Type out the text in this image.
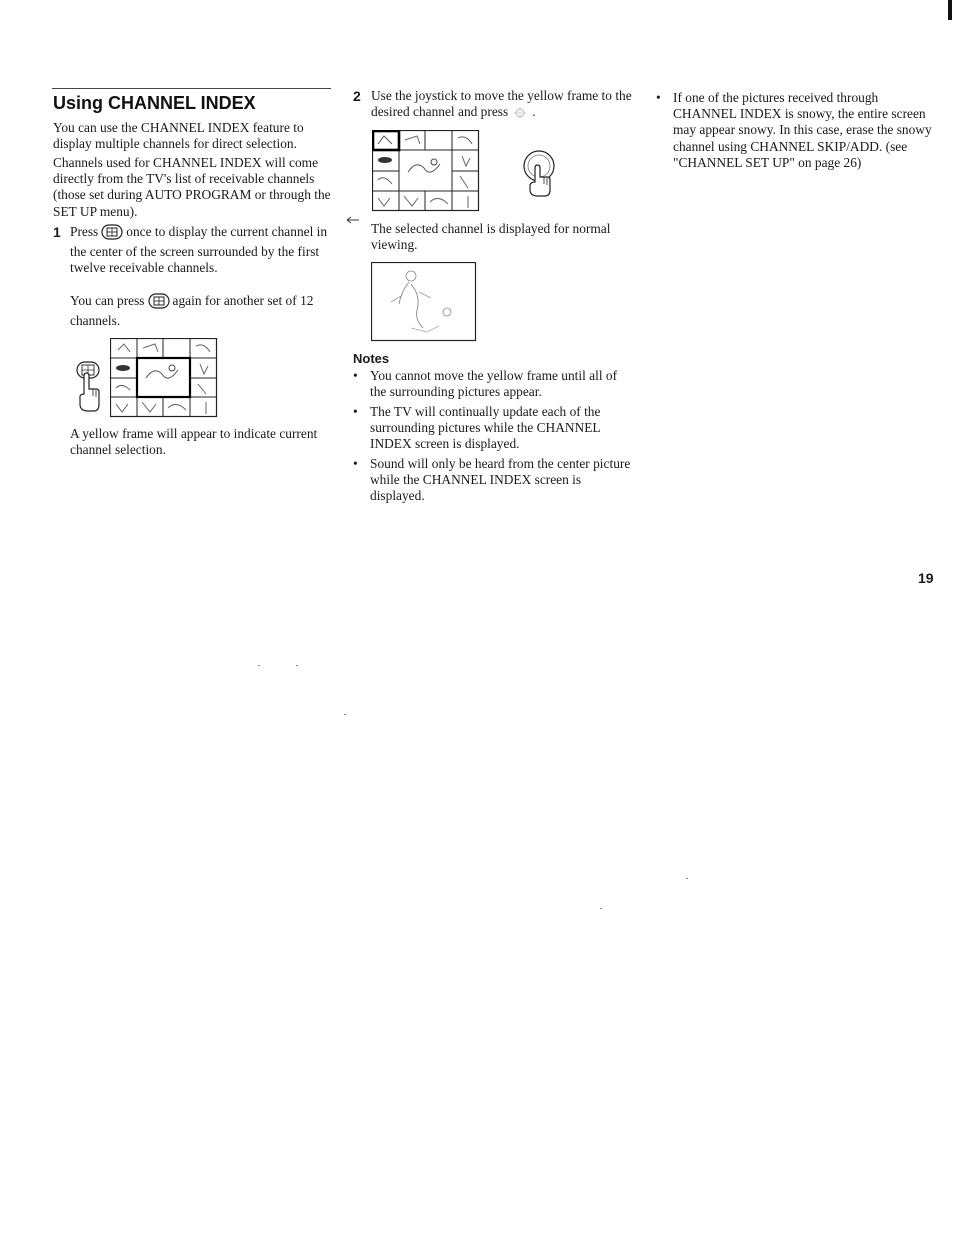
Using CHANNEL INDEX

You can use the CHANNEL INDEX feature to display multiple channels for direct selection.

Channels used for CHANNEL INDEX will come directly from the TV's list of receivable channels (those set during AUTO PROGRAM or through the SET UP menu).

1 Press once to display the current channel in the center of the screen surrounded by the first twelve receivable channels.

You can press again for another set of 12 channels.

A yellow frame will appear to indicate current channel selection.

2 Use the joystick to move the yellow frame to the desired channel and press .

The selected channel is displayed for normal viewing.

Notes
• You cannot move the yellow frame until all of the surrounding pictures appear.
• The TV will continually update each of the surrounding pictures while the CHANNEL INDEX screen is displayed.
• Sound will only be heard from the center picture while the CHANNEL INDEX screen is displayed.
• If one of the pictures received through CHANNEL INDEX is snowy, the entire screen may appear snowy. In this case, erase the snowy channel using CHANNEL SKIP/ADD. (see "CHANNEL SET UP" on page 26)
19
